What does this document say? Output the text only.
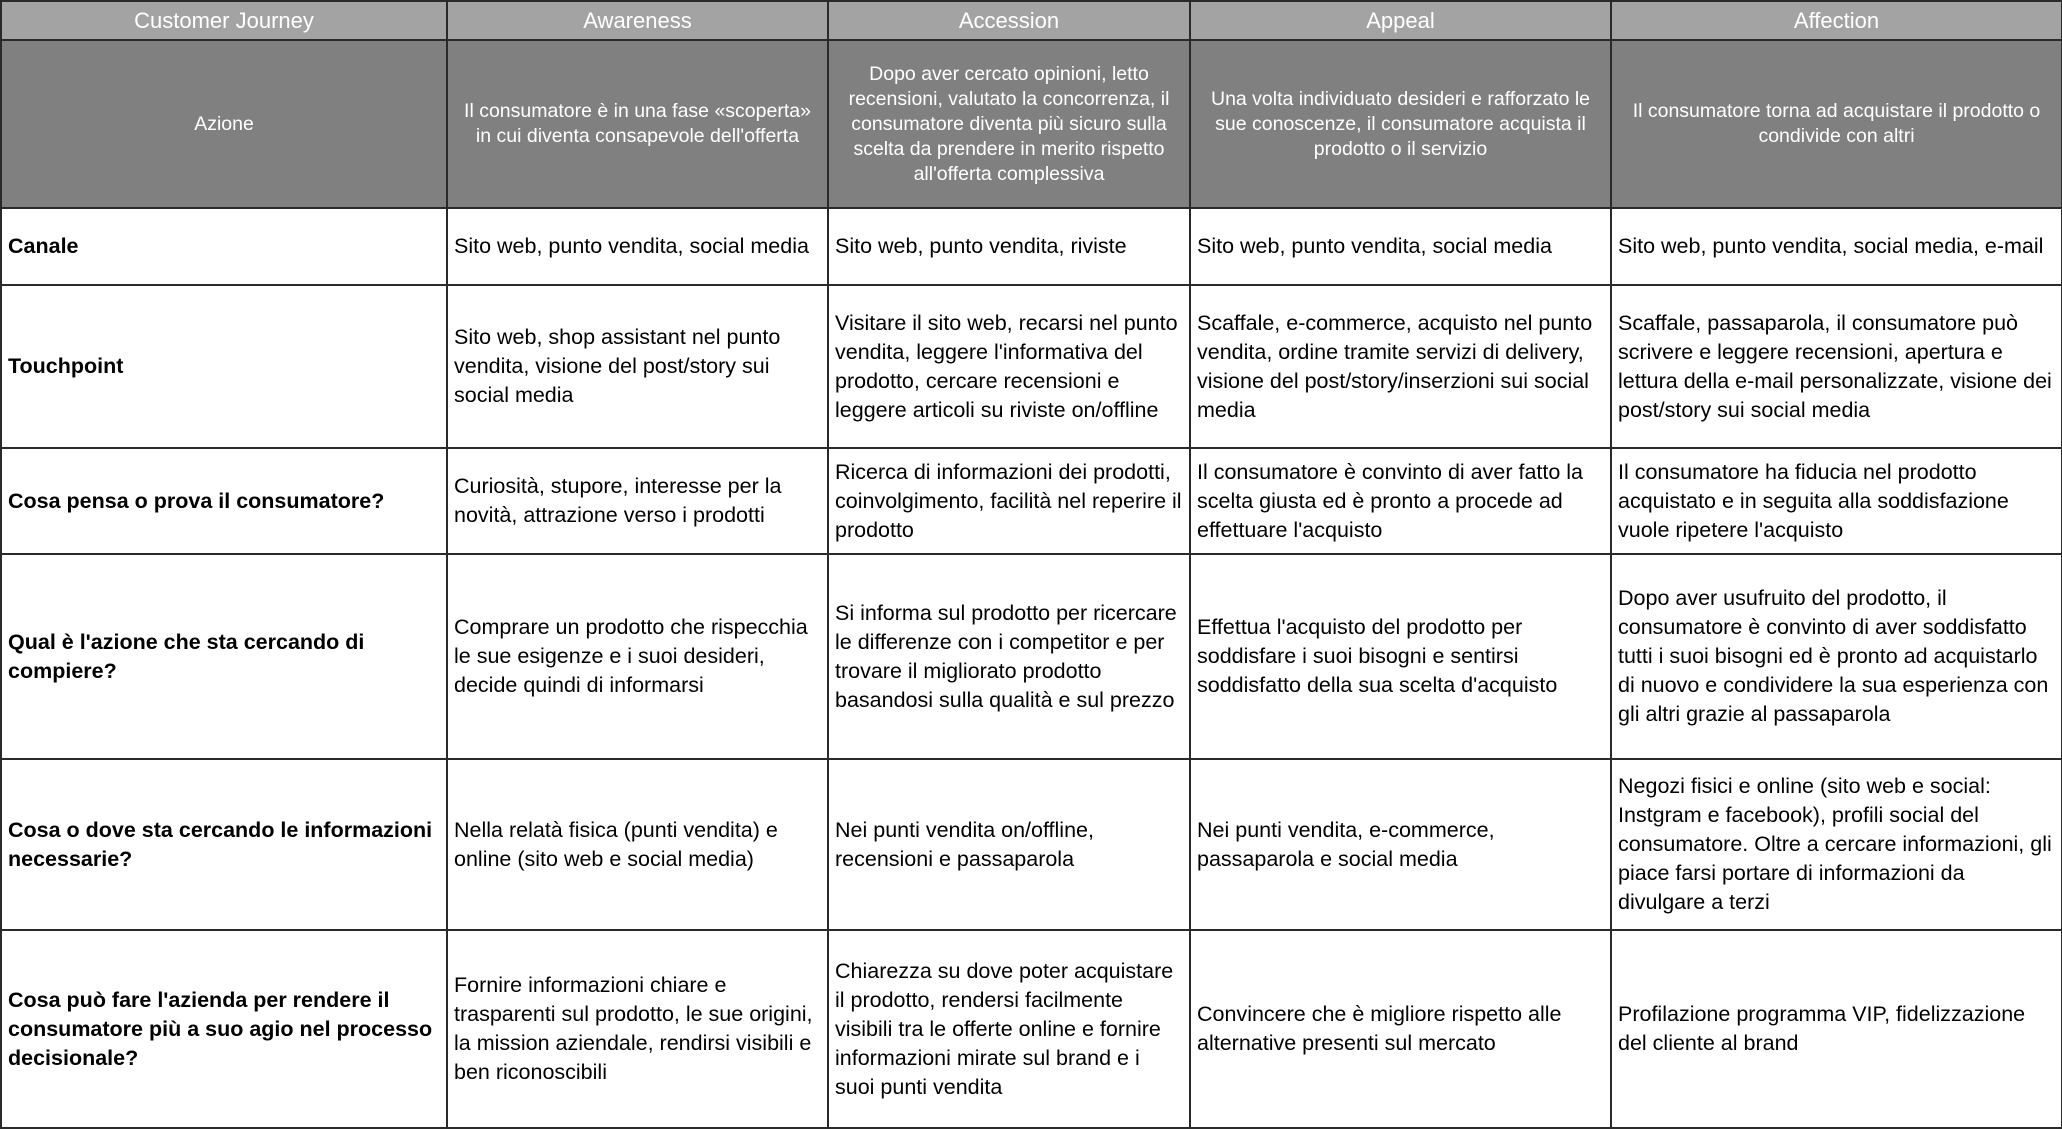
Customer Journey	Awareness	Accession	Appeal	Affection
Azione	Il consumatore è in una fase «scoperta» in cui diventa consapevole dell'offerta	Dopo aver cercato opinioni, letto recensioni, valutato la concorrenza, il consumatore diventa più sicuro sulla scelta da prendere in merito rispetto all'offerta complessiva	Una volta individuato desideri e rafforzato le sue conoscenze, il consumatore acquista il prodotto o il servizio	Il consumatore torna ad acquistare il prodotto o condivide con altri
Canale	Sito web, punto vendita, social media	Sito web, punto vendita, riviste	Sito web, punto vendita, social media	Sito web, punto vendita, social media, e-mail
Touchpoint	Sito web, shop assistant nel punto vendita, visione del post/story sui social media	Visitare il sito web, recarsi nel punto vendita, leggere l'informativa del prodotto, cercare recensioni e leggere articoli su riviste on/offline	Scaffale, e-commerce, acquisto nel punto vendita, ordine tramite servizi di delivery, visione del post/story/inserzioni sui social media	Scaffale, passaparola, il consumatore può scrivere e leggere recensioni, apertura e lettura della e-mail personalizzate, visione dei post/story sui social media
Cosa pensa o prova il consumatore?	Curiosità, stupore, interesse per la novità, attrazione verso i prodotti	Ricerca di informazioni dei prodotti, coinvolgimento, facilità nel reperire il prodotto	Il consumatore è convinto di aver fatto la scelta giusta ed è pronto a procede ad effettuare l'acquisto	Il consumatore ha fiducia nel prodotto acquistato e in seguita alla soddisfazione vuole ripetere l'acquisto
Qual è l'azione che sta cercando di compiere?	Comprare un prodotto che rispecchia le sue esigenze e i suoi desideri, decide quindi di informarsi	Si informa sul prodotto per ricercare le differenze con i competitor e per trovare il migliorato prodotto basandosi sulla qualità e sul prezzo	Effettua l'acquisto del prodotto per soddisfare i suoi bisogni e sentirsi soddisfatto della sua scelta d'acquisto	Dopo aver usufruito del prodotto, il consumatore è convinto di aver soddisfatto tutti i suoi bisogni ed è pronto ad acquistarlo di nuovo e condividere la sua esperienza con gli altri grazie al passaparola
Cosa o dove sta cercando le informazioni necessarie?	Nella relatà fisica (punti vendita) e online (sito web e social media)	Nei punti vendita on/offline, recensioni e passaparola	Nei punti vendita, e-commerce, passaparola e social media	Negozi fisici e online (sito web e social: Instgram e facebook), profili social del consumatore. Oltre a cercare informazioni, gli piace farsi portare di informazioni da divulgare a terzi
Cosa può fare l'azienda per rendere il consumatore più a suo agio nel processo decisionale?	Fornire informazioni chiare e trasparenti sul prodotto, le sue origini, la mission aziendale, rendirsi visibili e ben riconoscibili	Chiarezza su dove poter acquistare il prodotto, rendersi facilmente visibili tra le offerte online e fornire informazioni mirate sul brand e i suoi punti vendita	Convincere che è migliore rispetto alle alternative presenti sul mercato	Profilazione programma VIP, fidelizzazione del cliente al brand
